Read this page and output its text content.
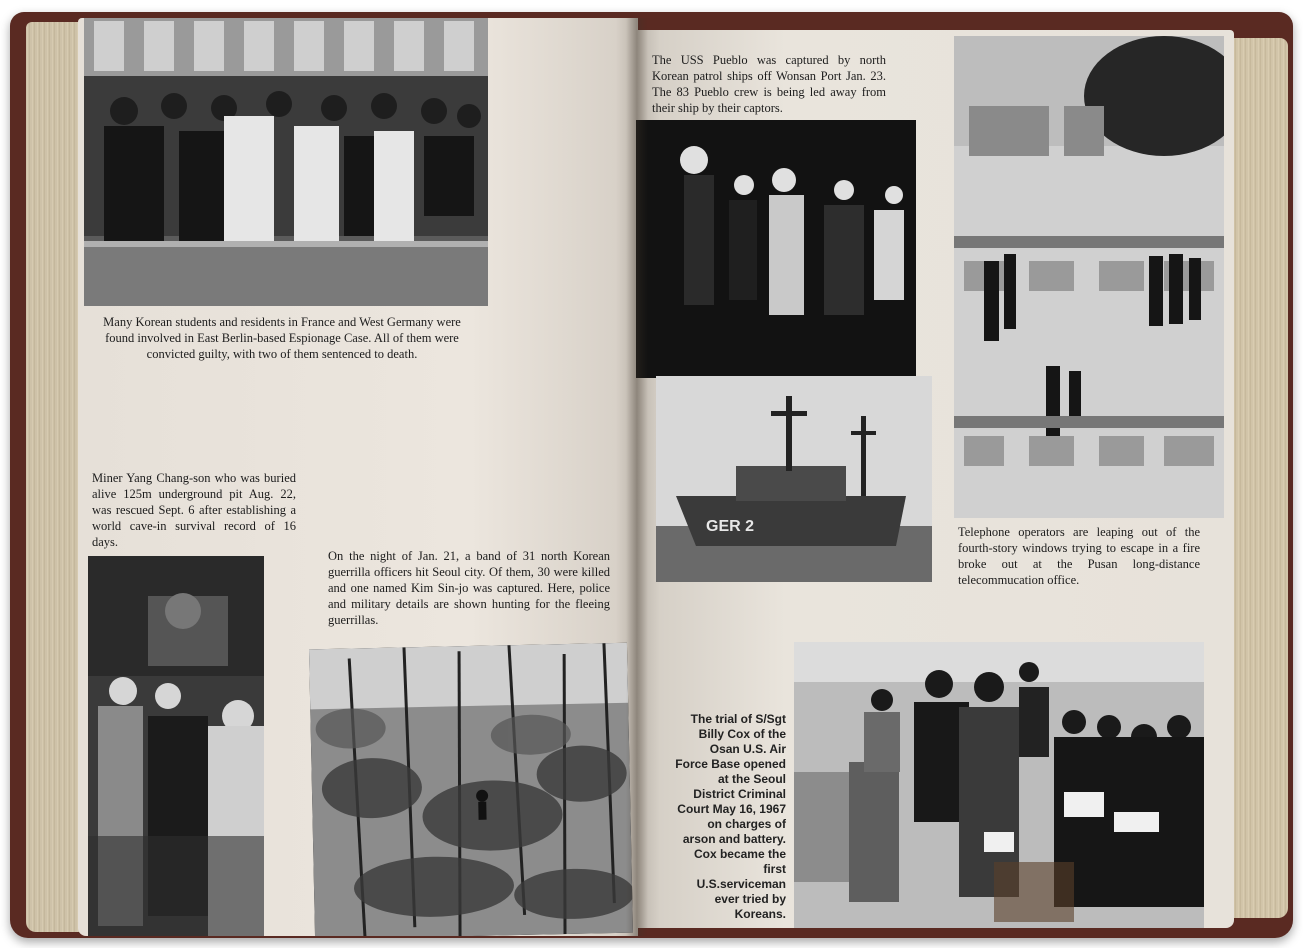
Many Korean students and residents in France and West Germany were found involved in East Berlin-based Espionage Case. All of them were convicted guilty, with two of them sentenced to death.
Miner Yang Chang-son who was buried alive 125m underground pit Aug. 22, was rescued Sept. 6 after establishing a world cave-in survival record of 16 days.
On the night of Jan. 21, a band of 31 north Korean guerrilla officers hit Seoul city. Of them, 30 were killed and one named Kim Sin-jo was captured. Here, police and military details are shown hunting for the fleeing guerrillas.
The USS Pueblo was captured by north Korean patrol ships off Wonsan Port Jan. 23. The 83 Pueblo crew is being led away from their ship by their captors.
GER 2	Telephone operators are leaping out of the fourth-story windows trying to escape in a fire broke out at the Pusan long-distance telecommucation office.
The trial of S/Sgt Billy Cox of the Osan U.S. Air Force Base opened at the Seoul District Criminal Court May 16, 1967 on charges of arson and battery. Cox became the first U.S.serviceman ever tried by Koreans.
